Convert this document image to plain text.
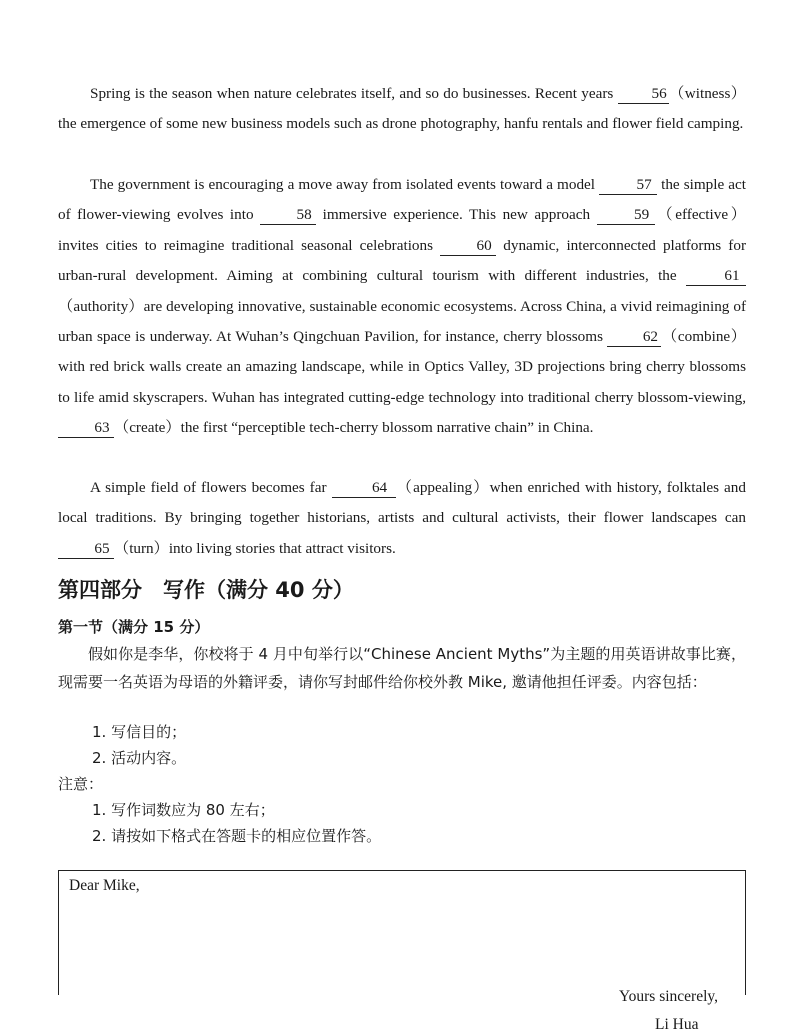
Spring is the season when nature celebrates itself, and so do businesses. Recent years 56 （witness）the emergence of some new business models such as drone photography, hanfu rentals and flower field camping.

The government is encouraging a move away from isolated events toward a model 57 the simple act of flower-viewing evolves into 58 immersive experience. This new approach 59 （effective）invites cities to reimagine traditional seasonal celebrations 60 dynamic, interconnected platforms for urban-rural development. Aiming at combining cultural tourism with different industries, the	61（authority）are developing innovative, sustainable economic ecosystems. Across China, a vivid reimagining of urban space is underway. At Wuhan’s Qingchuan Pavilion, for instance, cherry blossoms 62 （combine）with red brick walls create an amazing landscape, while in Optics Valley, 3D projections bring cherry blossoms to life amid skyscrapers. Wuhan has integrated cutting-edge technology into traditional cherry blossom-viewing, 63 （create）the first “perceptible tech-cherry blossom narrative chain” in China.

A simple field of flowers becomes far	64 （appealing）when enriched with history, folktales and local traditions. By bringing together historians, artists and cultural activists, their flower landscapes can 65 （turn）into living stories that attract visitors.

第四部分　写作（满分 40 分）
第一节（满分 15 分）

假如你是李华，你校将于 4 月中旬举行以“Chinese Ancient Myths”为主题的用英语讲故事比赛，现需要一名英语为母语的外籍评委，请你写封邮件给你校外教 Mike, 邀请他担任评委。内容包括：

1. 写信目的；

2. 活动内容。

注意：

1. 写作词数应为 80 左右；

2. 请按如下格式在答题卡的相应位置作答。

Dear Mike,

Yours sincerely,

Li Hua
